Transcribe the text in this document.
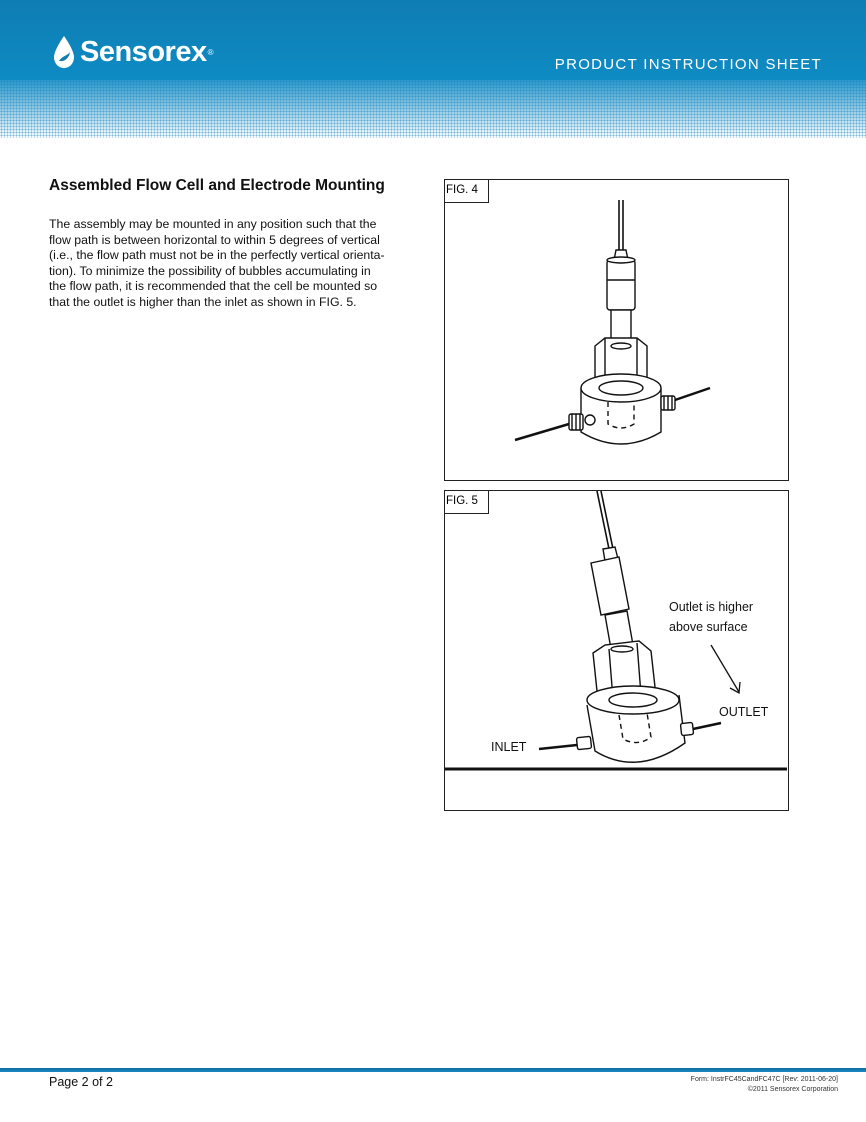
Sensorex ®
PRODUCT INSTRUCTION SHEET
Assembled Flow Cell and Electrode Mounting
The assembly may be mounted in any position such that the
flow path is between horizontal to within 5 degrees of vertical
(i.e., the flow path must not be in the perfectly vertical orienta-
tion). To minimize the possibility of bubbles accumulating in
the flow path, it is recommended that the cell be mounted so
that the outlet is higher than the inlet as shown in FIG. 5.
FIG. 4
FIG. 5
Outlet is higher
above surface
OUTLET
INLET
Page 2 of 2	Form: InstrFC45CandFC47C [Rev: 2011-06-20]
©2011 Sensorex Corporation
